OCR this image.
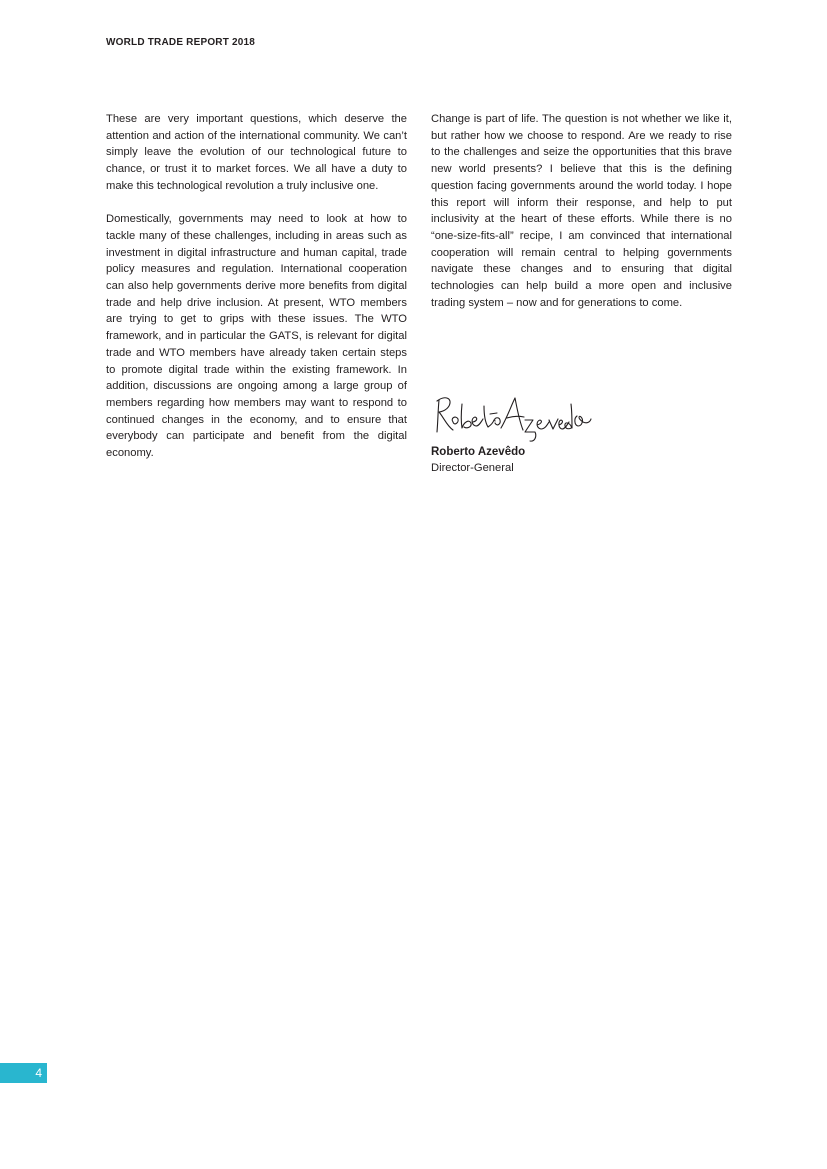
WORLD TRADE REPORT 2018

These are very important questions, which deserve the attention and action of the international community. We can’t simply leave the evolution of our technological future to chance, or trust it to market forces. We all have a duty to make this technological revolution a truly inclusive one.

Domestically, governments may need to look at how to tackle many of these challenges, including in areas such as investment in digital infrastructure and human capital, trade policy measures and regulation. International cooperation can also help governments derive more benefits from digital trade and help drive inclusion. At present, WTO members are trying to get to grips with these issues. The WTO framework, and in particular the GATS, is relevant for digital trade and WTO members have already taken certain steps to promote digital trade within the existing framework. In addition, discussions are ongoing among a large group of members regarding how members may want to respond to continued changes in the economy, and to ensure that everybody can participate and benefit from the digital economy.

Change is part of life. The question is not whether we like it, but rather how we choose to respond. Are we ready to rise to the challenges and seize the opportunities that this brave new world presents? I believe that this is the defining question facing governments around the world today. I hope this report will inform their response, and help to put inclusivity at the heart of these efforts. While there is no “one-size-fits-all” recipe, I am convinced that international cooperation will remain central to helping governments navigate these changes and to ensuring that digital technologies can help build a more open and inclusive trading system – now and for generations to come.

Roberto Azevêdo
Director-General
4
